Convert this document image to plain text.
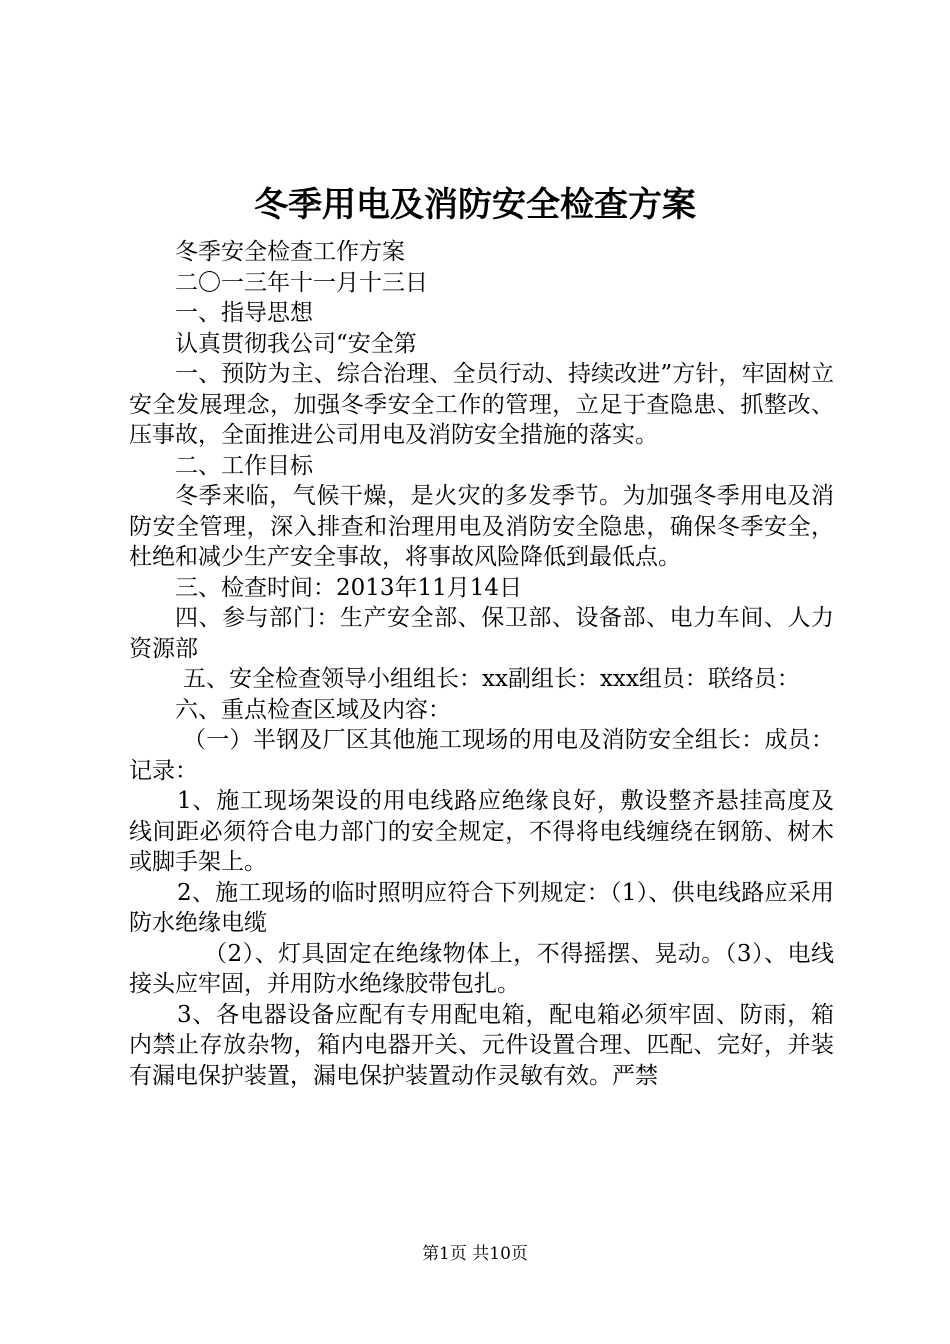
冬季用电及消防安全检查方案

冬季安全检查工作方案

二〇一三年十一月十三日

一、指导思想

认真贯彻我公司“安全第

一、预防为主、综合治理、全员行动、持续改进”方针，牢固树立安全发展理念，加强冬季安全工作的管理，立足于查隐患、抓整改、压事故，全面推进公司用电及消防安全措施的落实。

二、工作目标

冬季来临，气候干燥，是火灾的多发季节。为加强冬季用电及消防安全管理，深入排查和治理用电及消防安全隐患，确保冬季安全，杜绝和减少生产安全事故，将事故风险降低到最低点。

三、检查时间：2013年11月14日

四、参与部门：生产安全部、保卫部、设备部、电力车间、人力资源部

五、安全检查领导小组组长：xx副组长：xxx组员：联络员：

六、重点检查区域及内容：

（一）半钢及厂区其他施工现场的用电及消防安全组长：成员：记录：

1、施工现场架设的用电线路应绝缘良好，敷设整齐悬挂高度及线间距必须符合电力部门的安全规定，不得将电线缠绕在钢筋、树木或脚手架上。

2、施工现场的临时照明应符合下列规定：（1）、供电线路应采用防水绝缘电缆

（2）、灯具固定在绝缘物体上，不得摇摆、晃动。（3）、电线接头应牢固，并用防水绝缘胶带包扎。

3、各电器设备应配有专用配电箱，配电箱必须牢固、防雨，箱内禁止存放杂物，箱内电器开关、元件设置合理、匹配、完好，并装有漏电保护装置，漏电保护装置动作灵敏有效。严禁

第1页 共10页
